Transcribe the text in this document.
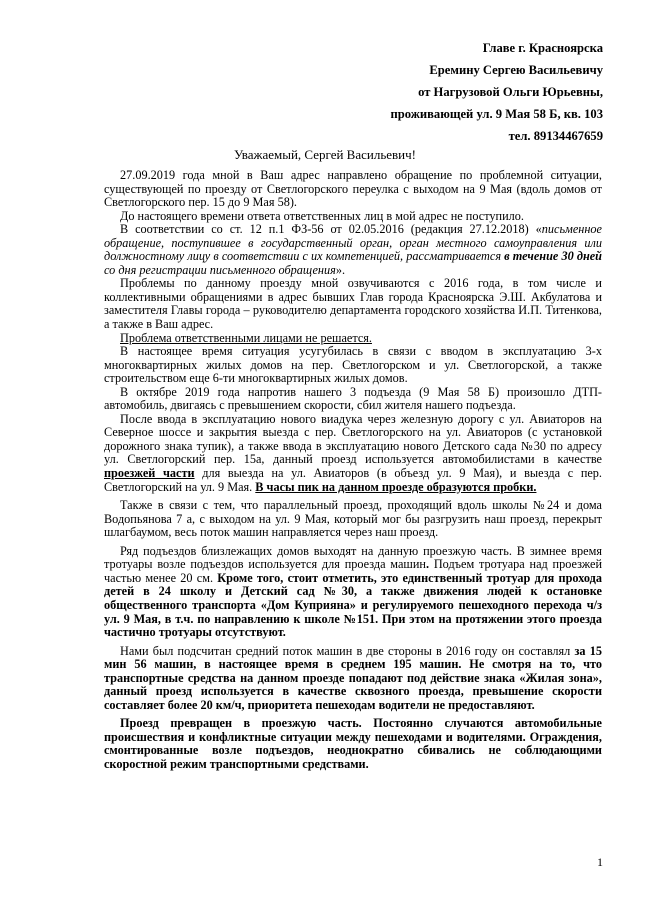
Главе г. Красноярска
Еремину Сергею Васильевичу
от Нагрузовой Ольги Юрьевны,
проживающей ул. 9 Мая 58 Б, кв. 103
тел. 89134467659
Уважаемый, Сергей Васильевич!

27.09.2019 года мной в Ваш адрес направлено обращение по проблемной ситуации, существующей по проезду от Светлогорского переулка с выходом на 9 Мая (вдоль домов от Светлогорского пер. 15 до 9 Мая 58).

До настоящего времени ответа ответственных лиц в мой адрес не поступило.

В соответствии со ст. 12 п.1 ФЗ-56 от 02.05.2016 (редакция 27.12.2018) «письменное обращение, поступившее в государственный орган, орган местного самоуправления или должностному лицу в соответствии с их компетенцией, рассматривается в течение 30 дней со дня регистрации письменного обращения».

Проблемы по данному проезду мной озвучиваются с 2016 года, в том числе и коллективными обращениями в адрес бывших Глав города Красноярска Э.Ш. Акбулатова и заместителя Главы города – руководителю департамента городского хозяйства И.П. Титенкова, а также в Ваш адрес.

Проблема ответственными лицами не решается.

В настоящее время ситуация усугубилась в связи с вводом в эксплуатацию 3-х многоквартирных жилых домов на пер. Светлогорском и ул. Светлогорской, а также строительством еще 6-ти многоквартирных жилых домов.

В октябре 2019 года напротив нашего 3 подъезда (9 Мая 58 Б) произошло ДТП- автомобиль, двигаясь с превышением скорости, сбил жителя нашего подъезда.

После ввода в эксплуатацию нового виадука через железную дорогу с ул. Авиаторов на Северное шоссе и закрытия выезда с пер. Светлогорского на ул. Авиаторов (с установкой дорожного знака тупик), а также ввода в эксплуатацию нового Детского сада №30 по адресу ул. Светлогорский пер. 15а, данный проезд используется автомобилистами в качестве проезжей части для выезда на ул. Авиаторов (в объезд ул. 9 Мая), и выезда с пер. Светлогорский на ул. 9 Мая. В часы пик на данном проезде образуются пробки.

Также в связи с тем, что параллельный проезд, проходящий вдоль школы №24 и дома Водопьянова 7 а, с выходом на ул. 9 Мая, который мог бы разгрузить наш проезд, перекрыт шлагбаумом, весь поток машин направляется через наш проезд.

Ряд подъездов близлежащих домов выходят на данную проезжую часть. В зимнее время тротуары возле подъездов используется для проезда машин. Подъем тротуара над проезжей частью менее 20 см. Кроме того, стоит отметить, это единственный тротуар для прохода детей в 24 школу и Детский сад №30, а также движения людей к остановке общественного транспорта «Дом Куприяна» и регулируемого пешеходного перехода ч/з ул. 9 Мая, в т.ч. по направлению к школе №151. При этом на протяжении этого проезда частично тротуары отсутствуют.

Нами был подсчитан средний поток машин в две стороны в 2016 году он составлял за 15 мин 56 машин, в настоящее время в среднем 195 машин. Не смотря на то, что транспортные средства на данном проезде попадают под действие знака «Жилая зона», данный проезд используется в качестве сквозного проезда, превышение скорости составляет более 20 км/ч, приоритета пешеходам водители не предоставляют.

Проезд превращен в проезжую часть. Постоянно случаются автомобильные происшествия и конфликтные ситуации между пешеходами и водителями. Ограждения, смонтированные возле подъездов, неоднократно сбивались не соблюдающими скоростной режим транспортными средствами.

1
